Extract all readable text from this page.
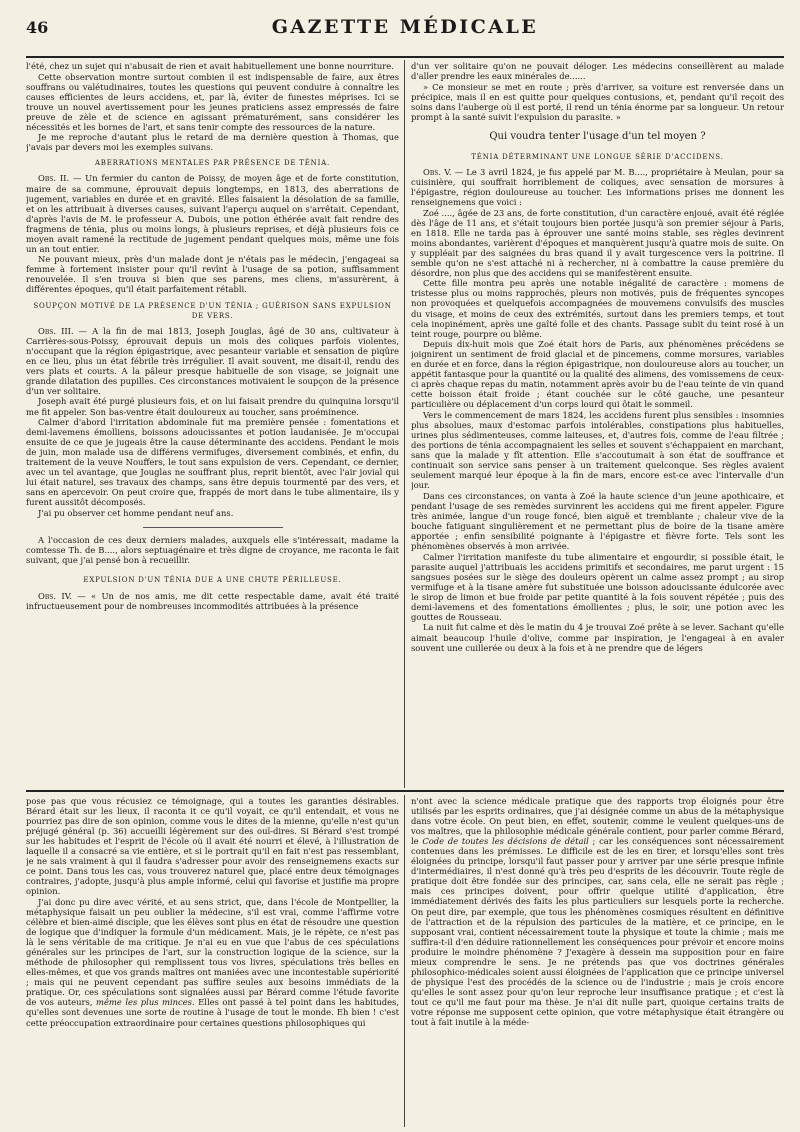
46	GAZETTE MÉDICALE

l'été, chez un sujet qui n'abusait de rien et avait habituellement une bonne nourriture.

Cette observation montre surtout combien il est indispensable de faire, aux êtres souffrans ou valétudinaires, toutes les questions qui peuvent conduire à connaître les causes efficientes de leurs accidens, et, par là, éviter de funestes méprises. Ici se trouve un nouvel avertissement pour les jeunes praticiens assez empressés de faire preuve de zèle et de science en agissant prématurément, sans considérer les nécessités et les bornes de l'art, et sans tenir compte des ressources de la nature.

Je me reproche d'autant plus le retard de ma dernière question à Thomas, que j'avais par devers moi les exemples suivans.

ABERRATIONS MENTALES PAR PRÉSENCE DE TÉNIA.

Obs. II. — Un fermier du canton de Poissy, de moyen âge et de forte constitution, maire de sa commune, éprouvait depuis longtemps, en 1813, des aberrations de jugement, variables en durée et en gravité. Elles faisaient la désolation de sa famille, et on les attribuait à diverses causes, suivant l'aperçu auquel on s'arrêtait. Cependant, d'après l'avis de M. le professeur A. Dubois, une potion éthérée avait fait rendre des fragmens de ténia, plus ou moins longs, à plusieurs reprises, et déjà plusieurs fois ce moyen avait ramené la rectitude de jugement pendant quelques mois, même une fois un an tout entier.

Ne pouvant mieux, près d'un malade dont je n'étais pas le médecin, j'engageai sa femme à fortement insister pour qu'il revînt à l'usage de sa potion, suffisamment renouvelée. Il s'en trouva si bien que ses parens, mes cliens, m'assurèrent, à différentes époques, qu'il était parfaitement rétabli.

SOUPÇON MOTIVÉ DE LA PRÉSENCE D'UN TÉNIA ; GUÉRISON SANS EXPULSION DE VERS.

Obs. III. — A la fin de mai 1813, Joseph Jouglas, âgé de 30 ans, cultivateur à Carrières-sous-Poissy, éprouvait depuis un mois des coliques parfois violentes, n'occupant que la région épigastrique, avec pesanteur variable et sensation de piqûre en ce lieu, plus un état fébrile très irrégulier. Il avait souvent, me disait-il, rendu des vers plats et courts. A la pâleur presque habituelle de son visage, se joignait une grande dilatation des pupilles. Ces circonstances motivaient le soupçon de la présence d'un ver solitaire.

Joseph avait été purgé plusieurs fois, et on lui faisait prendre du quinquina lorsqu'il me fit appeler. Son bas-ventre était douloureux au toucher, sans proéminence.

Calmer d'abord l'irritation abdominale fut ma première pensée : fomentations et demi-lavemens émolliens, boissons adoucissantes et potion laudanisée. Je m'occupai ensuite de ce que je jugeais être la cause déterminante des accidens. Pendant le mois de juin, mon malade usa de différens vermifuges, diversement combinés, et enfin, du traitement de la veuve Nouffers, le tout sans expulsion de vers. Cependant, ce dernier, avec un tel avantage, que Jouglas ne souffrant plus, reprit bientôt, avec l'air jovial qui lui était naturel, ses travaux des champs, sans être depuis tourmenté par des vers, et sans en apercevoir. On peut croire que, frappés de mort dans le tube alimentaire, ils y furent aussitôt décomposés.

J'ai pu observer cet homme pendant neuf ans.

A l'occasion de ces deux derniers malades, auxquels elle s'intéressait, madame la comtesse Th. de B...., alors septuagénaire et très digne de croyance, me raconta le fait suivant, que j'ai pensé bon à recueillir.

EXPULSION D'UN TÉNIA DUE A UNE CHUTE PÉRILLEUSE.

Obs. IV. — « Un de nos amis, me dit cette respectable dame, avait été traité infructueusement pour de nombreuses incommodités attribuées à la présence

d'un ver solitaire qu'on ne pouvait déloger. Les médecins conseillèrent au malade d'aller prendre les eaux minérales de......

» Ce monsieur se met en route ; près d'arriver, sa voiture est renversée dans un précipice, mais il en est quitte pour quelques contusions, et, pendant qu'il reçoit des soins dans l'auberge où il est porté, il rend un ténia énorme par sa longueur. Un retour prompt à la santé suivit l'expulsion du parasite. »

Qui voudra tenter l'usage d'un tel moyen ?
TÉNIA DÉTERMINANT UNE LONGUE SÉRIE D'ACCIDENS.

Obs. V. — Le 3 avril 1824, je fus appelé par M. B...., propriétaire à Meulan, pour sa cuisinière, qui souffrait horriblement de coliques, avec sensation de morsures à l'épigastre, région douloureuse au toucher. Les informations prises me donnent les renseignemens que voici :

Zoé ...., âgée de 23 ans, de forte constitution, d'un caractère enjoué, avait été réglée dès l'âge de 11 ans, et s'était toujours bien portée jusqu'à son premier séjour à Paris, en 1818. Elle ne tarda pas à éprouver une santé moins stable, ses règles devinrent moins abondantes, varièrent d'époques et manquèrent jusqu'à quatre mois de suite. On y suppléait par des saignées du bras quand il y avait turgescence vers la poitrine. Il semble qu'on ne s'est attaché ni à rechercher, ni à combattre la cause première du désordre, non plus que des accidens qui se manifestèrent ensuite.

Cette fille montra peu après une notable inégalité de caractère : momens de tristesse plus ou moins rapprochés, pleurs non motivés, puis de fréquentes syncopes non provoquées et quelquefois accompagnées de mouvemens convulsifs des muscles du visage, et moins de ceux des extrémités, surtout dans les premiers temps, et tout cela inopinément, après une gaîté folle et des chants. Passage subit du teint rosé à un teint rouge, pourpre ou blême.

Depuis dix-huit mois que Zoé était hors de Paris, aux phénomènes précédens se joignirent un sentiment de froid glacial et de pincemens, comme morsures, variables en durée et en force, dans la région épigastrique, non douloureuse alors au toucher, un appétit fantasque pour la quantité ou la qualité des alimens, des vomissemens de ceux-ci après chaque repas du matin, notamment après avoir bu de l'eau teinte de vin quand cette boisson était froide ; étant couchée sur le côté gauche, une pesanteur particulière ou déplacement d'un corps lourd qui ôtait le sommeil.

Vers le commencement de mars 1824, les accidens furent plus sensibles : insomnies plus absolues, maux d'estomac parfois intolérables, constipations plus habituelles, urines plus sédimenteuses, comme laiteuses, et, d'autres fois, comme de l'eau filtrée ; des portions de ténia accompagnaient les selles et souvent s'échappaient en marchant, sans que la malade y fît attention. Elle s'accoutumait à son état de souffrance et continuait son service sans penser à un traitement quelconque. Ses règles avaient seulement marqué leur époque à la fin de mars, encore est-ce avec l'intervalle d'un jour.

Dans ces circonstances, on vanta à Zoé la haute science d'un jeune apothicaire, et pendant l'usage de ses remèdes survinrent les accidens qui me firent appeler. Figure très animée, langue d'un rouge foncé, bien aiguë et tremblante ; chaleur vive de la bouche fatiguant singulièrement et ne permettant plus de boire de la tisane amère apportée ; enfin sensibilité poignante à l'épigastre et fièvre forte. Tels sont les phénomènes observés à mon arrivée.

Calmer l'irritation manifeste du tube alimentaire et engourdir, si possible était, le parasite auquel j'attribuais les accidens primitifs et secondaires, me parut urgent : 15 sangsues posées sur le siège des douleurs opèrent un calme assez prompt ; au sirop vermifuge et à la tisane amère fut substituée une boisson adoucissante édulcorée avec le sirop de limon et bue froide par petite quantité à la fois souvent répétée ; puis des demi-lavemens et des fomentations émollientes ; plus, le soir, une potion avec les gouttes de Rousseau.

La nuit fut calme et dès le matin du 4 je trouvai Zoé prête à se lever. Sachant qu'elle aimait beaucoup l'huile d'olive, comme par inspiration, je l'engageai à en avaler souvent une cuillerée ou deux à la fois et à ne prendre que de légers

pose pas que vous récusiez ce témoignage, qui a toutes les garanties désirables. Bérard était sur les lieux, il raconta it ce qu'il voyait, ce qu'il entendait, et vous ne pourriez pas dire de son opinion, comme vous le dites de la mienne, qu'elle n'est qu'un préjugé général (p. 36) accueilli légèrement sur des ouï-dires. Si Bérard s'est trompé sur les habitudes et l'esprit de l'école où il avait été nourri et élevé, à l'illustration de laquelle il a consacré sa vie entière, et si le portrait qu'il en fait n'est pas ressemblant, je ne sais vraiment à qui il faudra s'adresser pour avoir des renseignemens exacts sur ce point. Dans tous les cas, vous trouverez naturel que, placé entre deux témoignages contraires, j'adopte, jusqu'à plus ample informé, celui qui favorise et justifie ma propre opinion.

J'ai donc pu dire avec vérité, et au sens strict, que, dans l'école de Montpellier, la métaphysique faisait un peu oublier la médecine, s'il est vrai, comme l'affirme votre célèbre et bien-aimé disciple, que les élèves sont plus en état de résoudre une question de logique que d'indiquer la formule d'un médicament. Mais, je le répète, ce n'est pas là le sens véritable de ma critique. Je n'ai eu en vue que l'abus de ces spéculations générales sur les principes de l'art, sur la construction logique de la science, sur la méthode de philosopher qui remplissent tous vos livres, spéculations très belles en elles-mêmes, et que vos grands maîtres ont maniées avec une incontestable supériorité ; mais qui ne peuvent cependant pas suffire seules aux besoins immédiats de la pratique. Or, ces spéculations sont signalées aussi par Bérard comme l'étude favorite de vos auteurs, même les plus minces. Elles ont passé à tel point dans les habitudes, qu'elles sont devenues une sorte de routine à l'usage de tout le monde. Eh bien ! c'est cette préoccupation extraordinaire pour certaines questions philosophiques qui

n'ont avec la science médicale pratique que des rapports trop éloignés pour être utilisés par les esprits ordinaires, que j'ai désignée comme un abus de la métaphysique dans votre école. On peut bien, en effet, soutenir, comme le veulent quelques-uns de vos maîtres, que la philosophie médicale générale contient, pour parler comme Bérard, le Code de toutes les décisions de détail ; car les conséquences sont nécessairement contenues dans les prémisses. Le difficile est de les en tirer, et lorsqu'elles sont très éloignées du principe, lorsqu'il faut passer pour y arriver par une série presque infinie d'intermédiaires, il n'est donné qu'à très peu d'esprits de les découvrir. Toute règle de pratique doit être fondée sur des principes, car, sans cela, elle ne serait pas règle ; mais ces principes doivent, pour offrir quelque utilité d'application, être immédiatement dérivés des faits les plus particuliers sur lesquels porte la recherche. On peut dire, par exemple, que tous les phénomènes cosmiques résultent en définitive de l'attraction et de la répulsion des particules de la matière, et ce principe, en le supposant vrai, contient nécessairement toute la physique et toute la chimie ; mais me suffira-t-il d'en déduire rationnellement les conséquences pour prévoir et encore moins produire le moindre phénomène ? J'exagère à dessein ma supposition pour en faire mieux comprendre le sens. Je ne prétends pas que vos doctrines générales philosophico-médicales soient aussi éloignées de l'application que ce principe universel de physique l'est des procédés de la science ou de l'industrie ; mais je crois encore qu'elles le sont assez pour qu'on leur reproche leur insuffisance pratique ; et c'est là tout ce qu'il me faut pour ma thèse. Je n'ai dit nulle part, quoique certains traits de votre réponse me supposent cette opinion, que votre métaphysique était étrangère ou tout à fait inutile à la méde-
